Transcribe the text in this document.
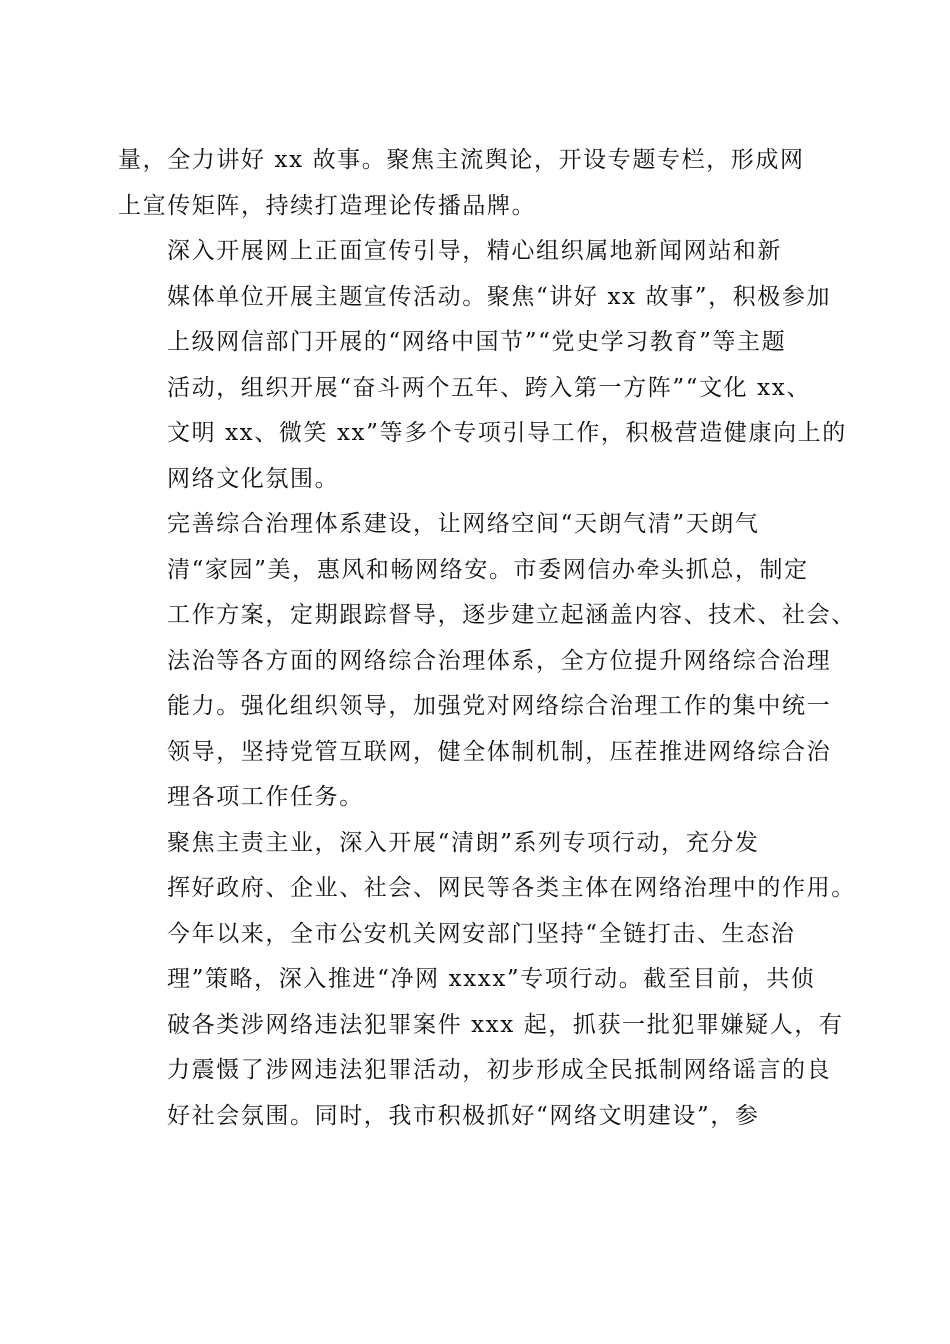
量，全力讲好 xx 故事。聚焦主流舆论，开设专题专栏，形成网
上宣传矩阵，持续打造理论传播品牌。

深入开展网上正面宣传引导，精心组织属地新闻网站和新
媒体单位开展主题宣传活动。聚焦“讲好 xx 故事”，积极参加
上级网信部门开展的“网络中国节”“党史学习教育”等主题
活动，组织开展“奋斗两个五年、跨入第一方阵”“文化 xx、
文明 xx、微笑 xx”等多个专项引导工作，积极营造健康向上的
网络文化氛围。

完善综合治理体系建设，让网络空间“天朗气清”天朗气
清“家园”美，惠风和畅网络安。市委网信办牵头抓总，制定
工作方案，定期跟踪督导，逐步建立起涵盖内容、技术、社会、
法治等各方面的网络综合治理体系，全方位提升网络综合治理
能力。强化组织领导，加强党对网络综合治理工作的集中统一
领导，坚持党管互联网，健全体制机制，压茬推进网络综合治
理各项工作任务。

聚焦主责主业，深入开展“清朗”系列专项行动，充分发
挥好政府、企业、社会、网民等各类主体在网络治理中的作用。
今年以来，全市公安机关网安部门坚持“全链打击、生态治
理”策略，深入推进“净网 xxxx”专项行动。截至目前，共侦
破各类涉网络违法犯罪案件 xxx 起，抓获一批犯罪嫌疑人，有
力震慑了涉网违法犯罪活动，初步形成全民抵制网络谣言的良
好社会氛围。同时，我市积极抓好“网络文明建设”，参
